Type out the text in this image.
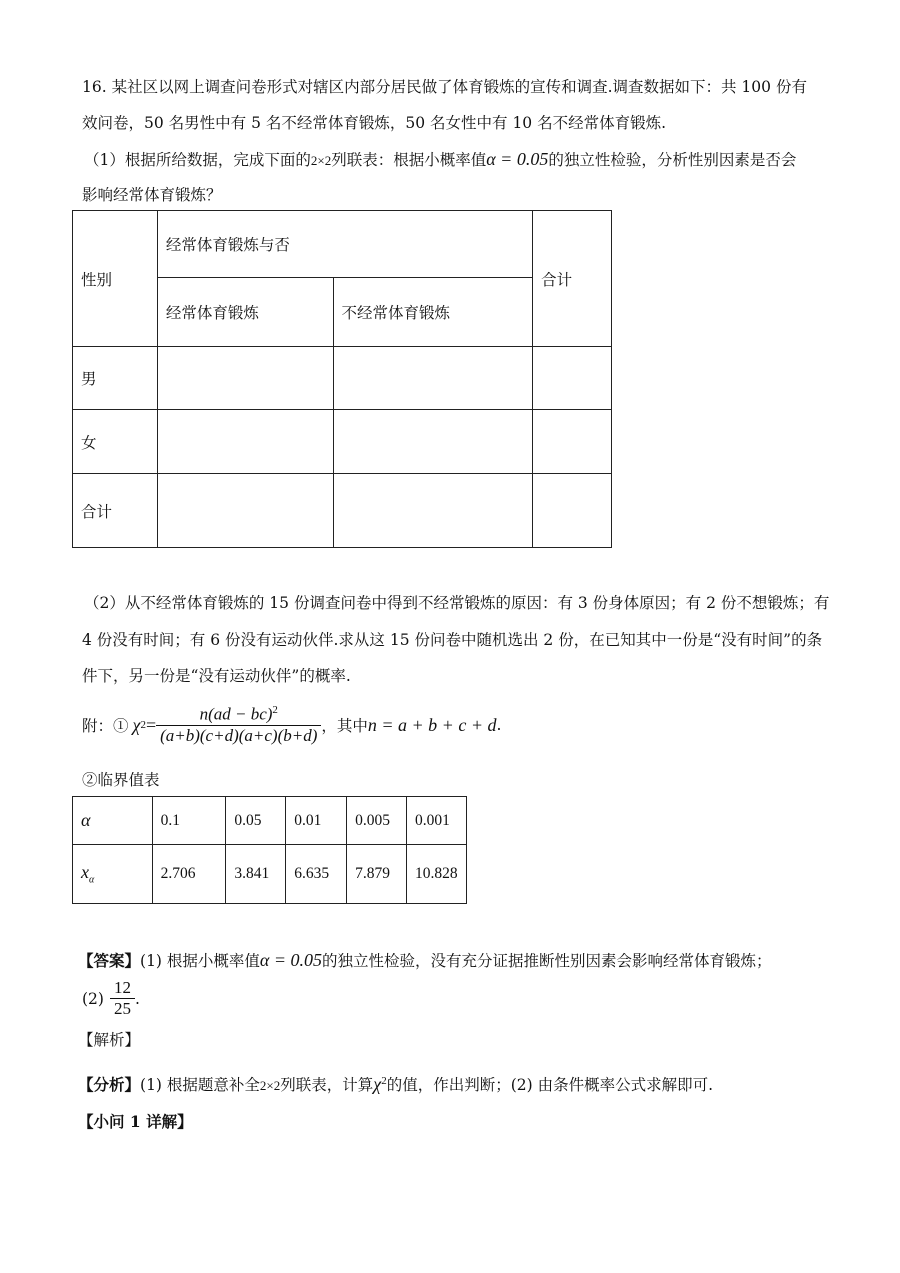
16. 某社区以网上调查问卷形式对辖区内部分居民做了体育锻炼的宣传和调查.调查数据如下：共 100 份有
效问卷，50 名男性中有 5 名不经常体育锻炼，50 名女性中有 10 名不经常体育锻炼.
（1）根据所给数据，完成下面的2×2列联表：根据小概率值α = 0.05的独立性检验，分析性别因素是否会
影响经常体育锻炼？
性别	经常体育锻炼与否		合计
	经常体育锻炼	不经常体育锻炼	
男			
女			
合计			
（2）从不经常体育锻炼的 15 份调查问卷中得到不经常锻炼的原因：有 3 份身体原因；有 2 份不想锻炼；有
4 份没有时间；有 6 份没有运动伙伴.求从这 15 份问卷中随机选出 2 份，在已知其中一份是“没有时间”的条
件下，另一份是“没有运动伙伴”的概率.
附：① χ $2 = \frac{n(ad - bc)^2}{(a+b)(c+d)(a+c)(b+d)}$ ，其中 n = a + b + c + d .
②临界值表
α	0.1	0.05	0.01	0.005	0.001
$x_\alpha$	2.706	3.841	6.635	7.879	10.828
【答案】(1) 根据小概率值α = 0.05的独立性检验，没有充分证据推断性别因素会影响经常体育锻炼；
$(2) \frac{12}{25}$ .
【解析】
【分析】(1) 根据题意补全2×2列联表，计算$\chi^2$的值，作出判断；(2) 由条件概率公式求解即可.
【小问 1 详解】
